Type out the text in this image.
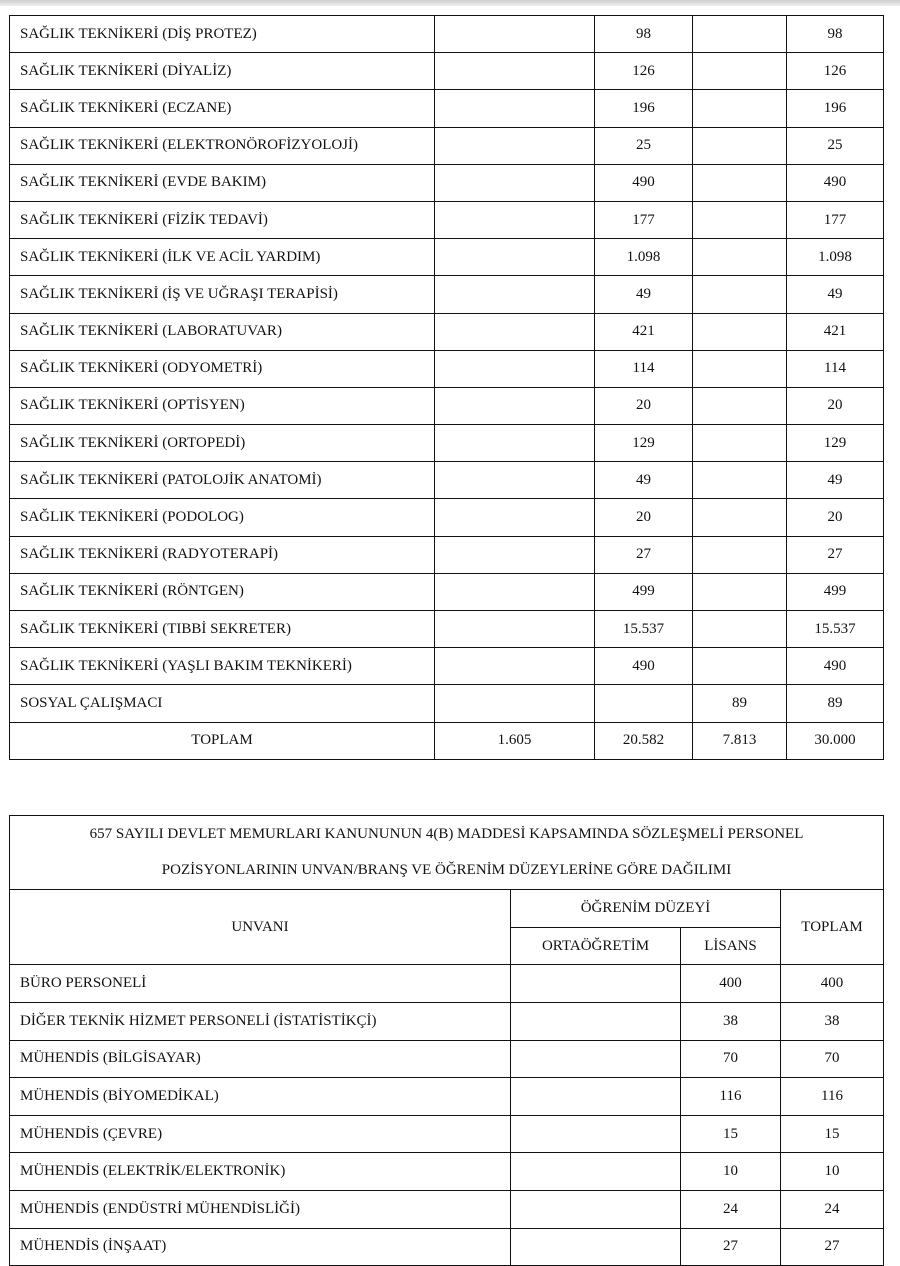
SAĞLIK TEKNİKERİ (DİŞ PROTEZ)		98		98
SAĞLIK TEKNİKERİ (DİYALİZ)		126		126
SAĞLIK TEKNİKERİ (ECZANE)		196		196
SAĞLIK TEKNİKERİ (ELEKTRONÖROFİZYOLOJİ)		25		25
SAĞLIK TEKNİKERİ (EVDE BAKIM)		490		490
SAĞLIK TEKNİKERİ (FİZİK TEDAVİ)		177		177
SAĞLIK TEKNİKERİ (İLK VE ACİL YARDIM)		1.098		1.098
SAĞLIK TEKNİKERİ (İŞ VE UĞRAŞI TERAPİSİ)		49		49
SAĞLIK TEKNİKERİ (LABORATUVAR)		421		421
SAĞLIK TEKNİKERİ (ODYOMETRİ)		114		114
SAĞLIK TEKNİKERİ (OPTİSYEN)		20		20
SAĞLIK TEKNİKERİ (ORTOPEDİ)		129		129
SAĞLIK TEKNİKERİ (PATOLOJİK ANATOMİ)		49		49
SAĞLIK TEKNİKERİ (PODOLOG)		20		20
SAĞLIK TEKNİKERİ (RADYOTERAPİ)		27		27
SAĞLIK TEKNİKERİ (RÖNTGEN)		499		499
SAĞLIK TEKNİKERİ (TIBBİ SEKRETER)		15.537		15.537
SAĞLIK TEKNİKERİ (YAŞLI BAKIM TEKNİKERİ)		490		490
SOSYAL ÇALIŞMACI			89	89
TOPLAM	1.605	20.582	7.813	30.000
657 SAYILI DEVLET MEMURLARI KANUNUNUN 4(B) MADDESİ KAPSAMINDA SÖZLEŞMELİ PERSONEL			
POZİSYONLARININ UNVAN/BRANŞ VE ÖĞRENİM DÜZEYLERİNE GÖRE DAĞILIMI			
UNVANI	ÖĞRENİM DÜZEYİ		TOPLAM
	ORTAÖĞRETİM	LİSANS	
BÜRO PERSONELİ		400	400
DİĞER TEKNİK HİZMET PERSONELİ (İSTATİSTİKÇİ)		38	38
MÜHENDİS (BİLGİSAYAR)		70	70
MÜHENDİS (BİYOMEDİKAL)		116	116
MÜHENDİS (ÇEVRE)		15	15
MÜHENDİS (ELEKTRİK/ELEKTRONİK)		10	10
MÜHENDİS (ENDÜSTRİ MÜHENDİSLİĞİ)		24	24
MÜHENDİS (İNŞAAT)		27	27
